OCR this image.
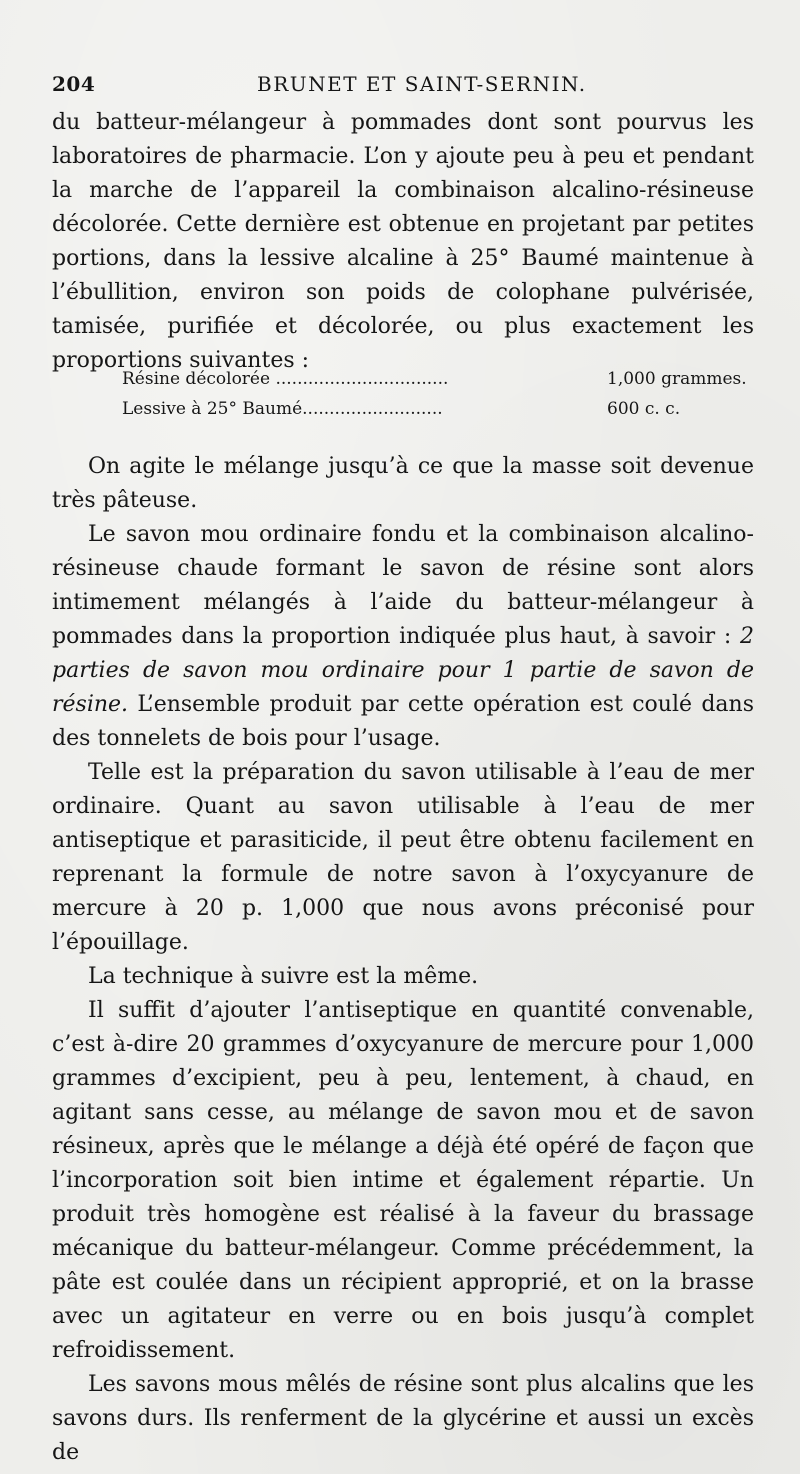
204	BRUNET ET SAINT-SERNIN.

du batteur-mélangeur à pommades dont sont pourvus les laboratoires de pharmacie. L’on y ajoute peu à peu et pendant la marche de l’appareil la combinaison alcalino-résineuse décolorée. Cette dernière est obtenue en projetant par petites portions, dans la lessive alcaline à 25° Baumé maintenue à l’ébullition, environ son poids de colophane pulvérisée, tamisée, purifiée et décolorée, ou plus exactement les proportions suivantes :

Résine décolorée ................................	1,000 grammes.
Lessive à 25° Baumé..........................	600 c. c.

On agite le mélange jusqu’à ce que la masse soit devenue très pâteuse.

Le savon mou ordinaire fondu et la combinaison alcalino-résineuse chaude formant le savon de résine sont alors intimement mélangés à l’aide du batteur-mélangeur à pommades dans la proportion indiquée plus haut, à savoir : 2 parties de savon mou ordinaire pour 1 partie de savon de résine. L’ensemble produit par cette opération est coulé dans des tonnelets de bois pour l’usage.

Telle est la préparation du savon utilisable à l’eau de mer ordinaire. Quant au savon utilisable à l’eau de mer antiseptique et parasiticide, il peut être obtenu facilement en reprenant la formule de notre savon à l’oxycyanure de mercure à 20 p. 1,000 que nous avons préconisé pour l’épouillage.

La technique à suivre est la même.

Il suffit d’ajouter l’antiseptique en quantité convenable, c’est à-dire 20 grammes d’oxycyanure de mercure pour 1,000 grammes d’excipient, peu à peu, lentement, à chaud, en agitant sans cesse, au mélange de savon mou et de savon résineux, après que le mélange a déjà été opéré de façon que l’incorporation soit bien intime et également répartie. Un produit très homogène est réalisé à la faveur du brassage mécanique du batteur-mélangeur. Comme précédemment, la pâte est coulée dans un récipient approprié, et on la brasse avec un agitateur en verre ou en bois jusqu’à complet refroidissement.

Les savons mous mêlés de résine sont plus alcalins que les savons durs. Ils renferment de la glycérine et aussi un excès de
